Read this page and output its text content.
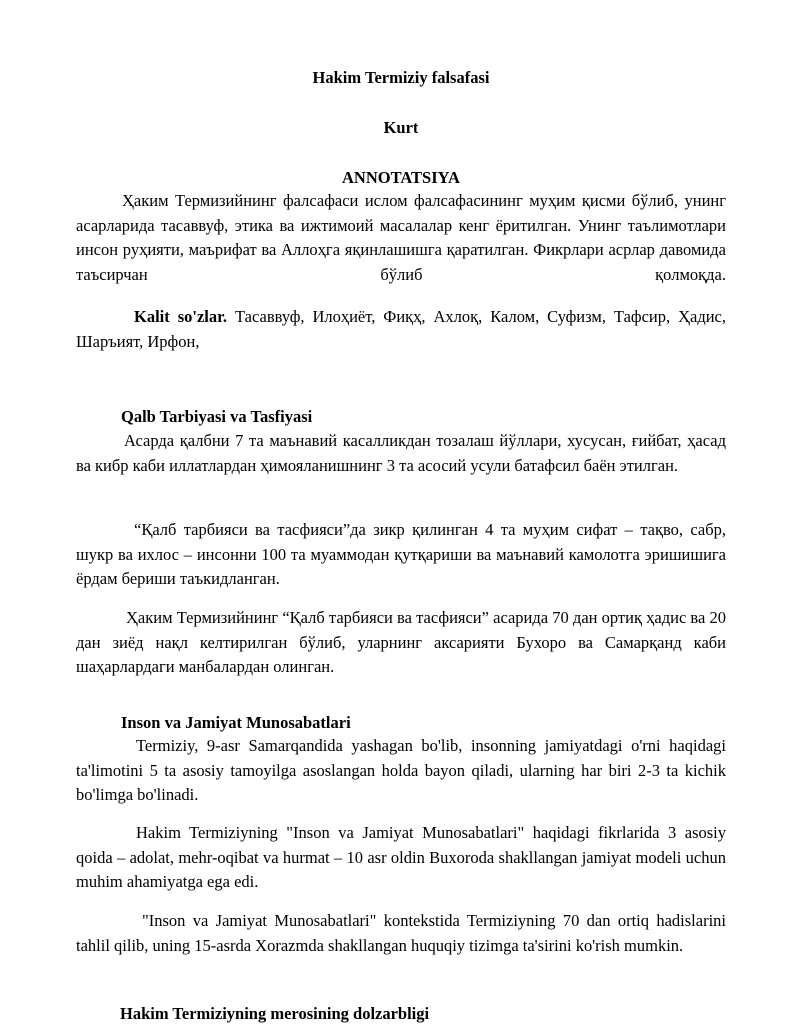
Hakim Termiziy falsafasi
Kurt
ANNOTATSIYA
Ҳаким Термизийнинг фалсафаси ислом фалсафасининг муҳим қисми бўлиб, унинг асарларида тасаввуф, этика ва ижтимоий масалалар кенг ёритилган. Унинг таълимотлари инсон руҳияти, маърифат ва Аллоҳга яқинлашишга қаратилган. Фикрлари асрлар давомида таъсирчан бўлиб қолмоқда.
Kalit so'zlar. Тасаввуф, Илоҳиёт, Фиқҳ, Ахлоқ, Калом, Суфизм, Тафсир, Ҳадис, Шаръият, Ирфон,
Qalb Tarbiyasi va Tasfiyasi
Асарда қалбни 7 та маънавий касалликдан тозалаш йўллари, хусусан, ғийбат, ҳасад ва кибр каби иллатлардан ҳимояланишнинг 3 та асосий усули батафсил баён этилган.
“Қалб тарбияси ва тасфияси”да зикр қилинган 4 та муҳим сифат – тақво, сабр, шукр ва ихлос – инсонни 100 та муаммодан қутқариши ва маънавий камолотга эришишига ёрдам бериши таъкидланган.
Ҳаким Термизийнинг “Қалб тарбияси ва тасфияси” асарида 70 дан ортиқ ҳадис ва 20 дан зиёд нақл келтирилган бўлиб, уларнинг аксарияти Бухоро ва Самарқанд каби шаҳарлардаги манбалардан олинган.
Inson va Jamiyat Munosabatlari
Termiziy, 9-asr Samarqandida yashagan bo'lib, insonning jamiyatdagi o'rni haqidagi ta'limotini 5 ta asosiy tamoyilga asoslangan holda bayon qiladi, ularning har biri 2-3 ta kichik bo'limga bo'linadi.
Hakim Termiziyning "Inson va Jamiyat Munosabatlari" haqidagi fikrlarida 3 asosiy qoida – adolat, mehr-oqibat va hurmat – 10 asr oldin Buxoroda shakllangan jamiyat modeli uchun muhim ahamiyatga ega edi.
"Inson va Jamiyat Munosabatlari" kontekstida Termiziyning 70 dan ortiq hadislarini tahlil qilib, uning 15-asrda Xorazmda shakllangan huquqiy tizimga ta'sirini ko'rish mumkin.
Hakim Termiziyning merosining dolzarbligi
